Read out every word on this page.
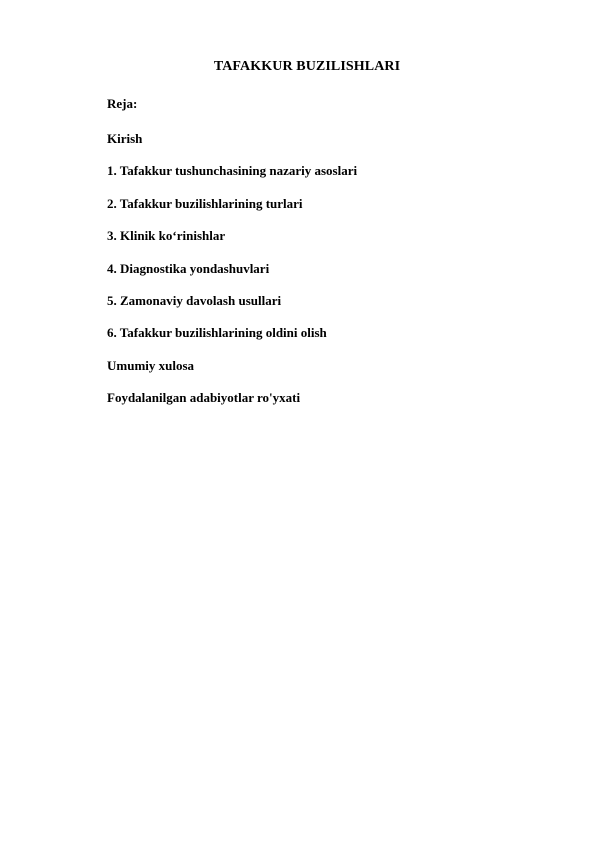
TAFAKKUR BUZILISHLARI

Reja:

Kirish
1. Tafakkur tushunchasining nazariy asoslari
2. Tafakkur buzilishlarining turlari
3. Klinik ko‘rinishlar
4. Diagnostika yondashuvlari
5. Zamonaviy davolash usullari
6. Tafakkur buzilishlarining oldini olish
Umumiy xulosa
Foydalanilgan adabiyotlar ro'yxati
